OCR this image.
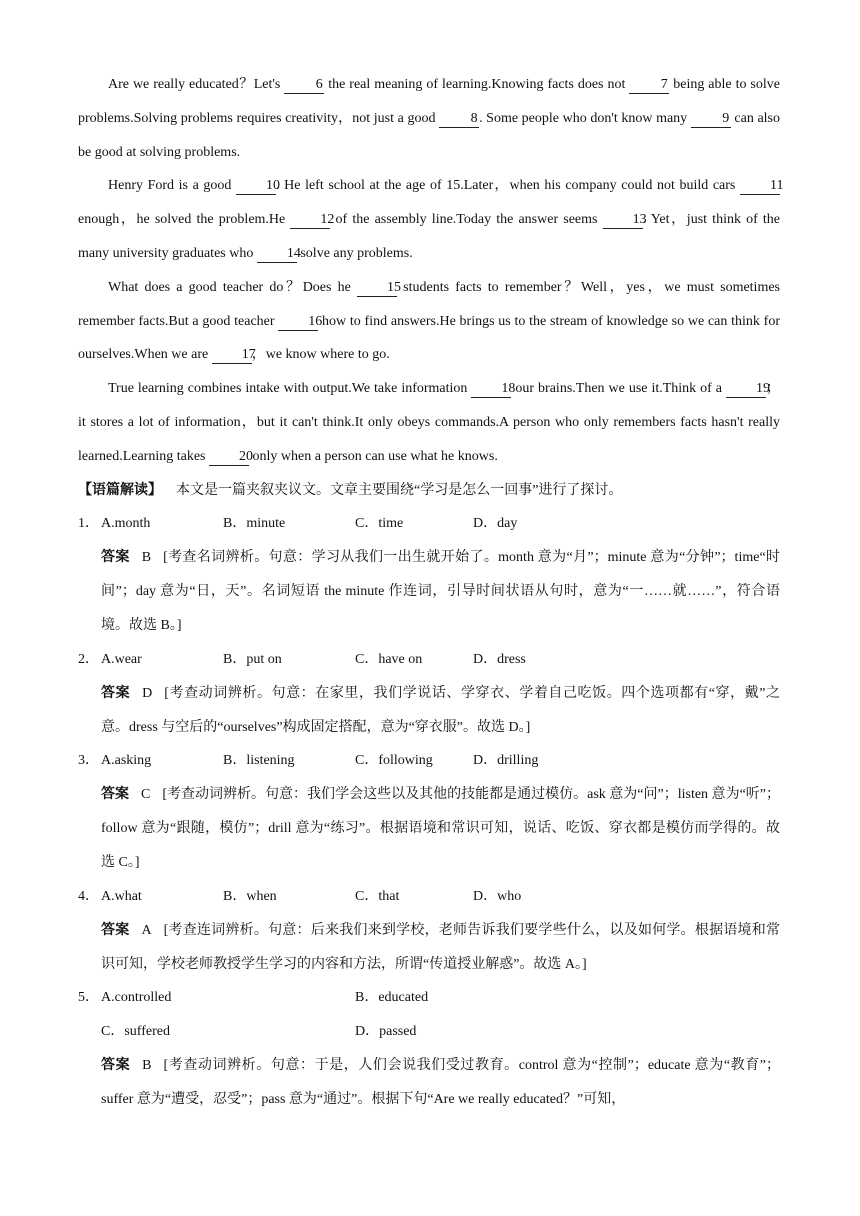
Are we really educated？Let's 6 the real meaning of learning.Knowing facts does not 7 being able to solve problems.Solving problems requires creativity，not just a good 8 . Some people who don't know many 9 can also be good at solving problems.

Henry Ford is a good 10. He left school at the age of 15.Later，when his company could not build cars 11 enough，he solved the problem.He 12 of the assembly line.Today the answer seems 13. Yet，just think of the many university graduates who 14 solve any problems.

What does a good teacher do？Does he 15 students facts to remember？Well，yes，we must sometimes remember facts.But a good teacher 16 how to find answers.He brings us to the stream of knowledge so we can think for ourselves.When we are 17，we know where to go.

True learning combines intake with output.We take information 18 our brains.Then we use it.Think of a 19；it stores a lot of information，but it can't think.It only obeys commands.A person who only remembers facts hasn't really learned.Learning takes 20 only when a person can use what he knows.

【语篇解读】 本文是一篇夹叙夹议文。文章主要围绕“学习是怎么一回事”进行了探讨。

1． A.month	B．minute	C．time	D．day

答案 B [考查名词辨析。句意：学习从我们一出生就开始了。month 意为“月”；minute 意为“分钟”；time“时间”；day 意为“日，天”。名词短语 the minute 作连词，引导时间状语从句时，意为“一……就……”，符合语境。故选 B。]

2． A.wear	B．put on	C．have on	D．dress

答案 D [考查动词辨析。句意：在家里，我们学说话、学穿衣、学着自己吃饭。四个选项都有“穿，戴”之意。dress 与空后的“ourselves”构成固定搭配，意为“穿衣服”。故选 D。]

3． A.asking	B．listening	C．following	D．drilling

答案 C [考查动词辨析。句意：我们学会这些以及其他的技能都是通过模仿。ask 意为“问”；listen 意为“听”；follow 意为“跟随，模仿”；drill 意为“练习”。根据语境和常识可知，说话、吃饭、穿衣都是模仿而学得的。故选 C。]

4． A.what	B．when	C．that	D．who

答案 A [考查连词辨析。句意：后来我们来到学校，老师告诉我们要学些什么，以及如何学。根据语境和常识可知，学校老师教授学生学习的内容和方法，所谓“传道授业解惑”。故选 A。]

5． A.controlled	B．educated
C．suffered	D．passed

答案 B [考查动词辨析。句意：于是，人们会说我们受过教育。control 意为“控制”；educate 意为“教育”；suffer 意为“遭受，忍受”；pass 意为“通过”。根据下句“Are we really educated？”可知，
